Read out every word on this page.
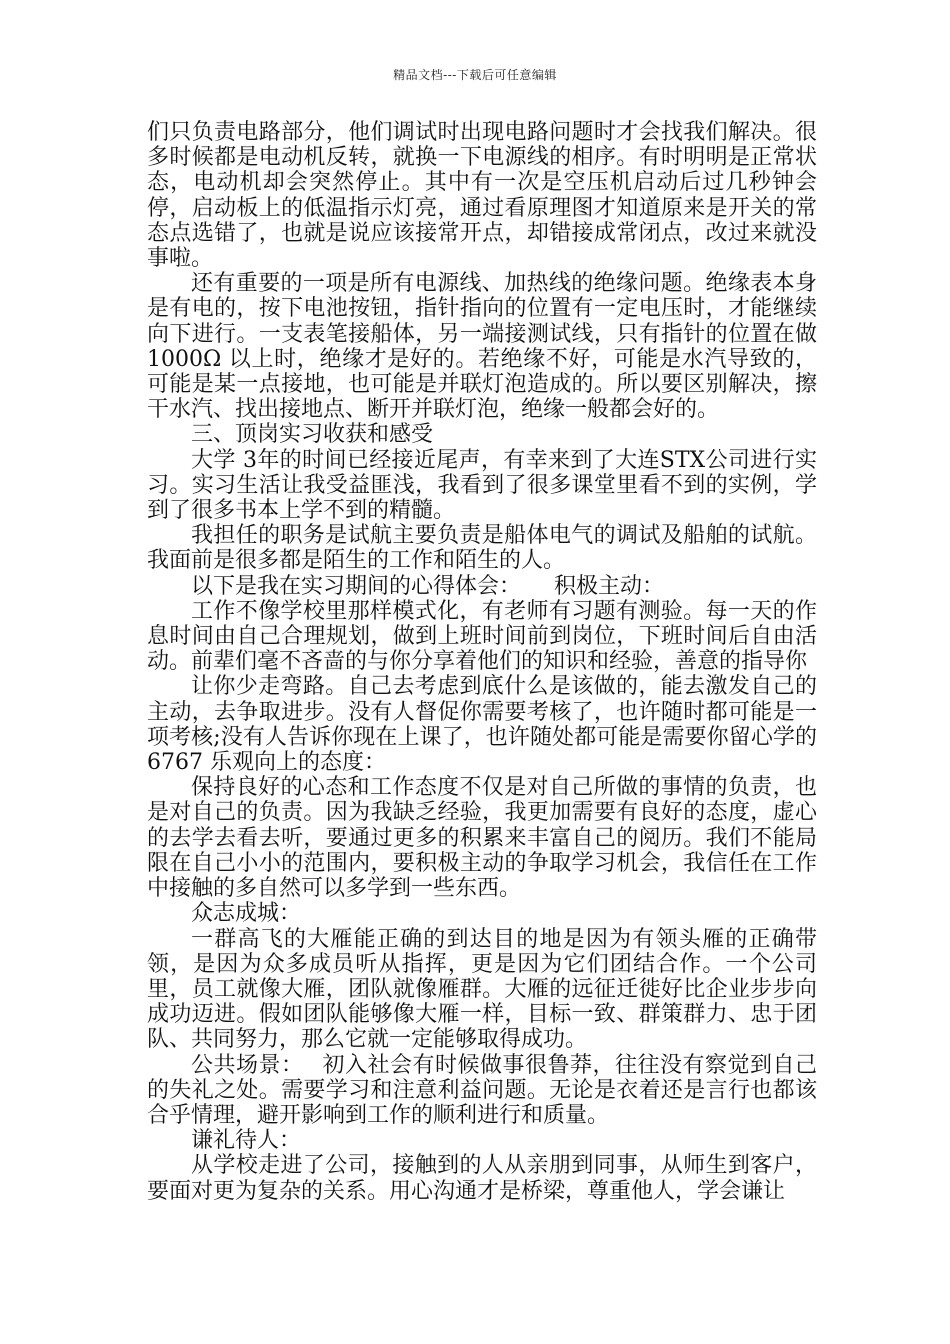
精品文档---下载后可任意编辑

们只负责电路部分，他们调试时出现电路问题时才会找我们解决。很多时候都是电动机反转，就换一下电源线的相序。有时明明是正常状态，电动机却会突然停止。其中有一次是空压机启动后过几秒钟会停，启动板上的低温指示灯亮，通过看原理图才知道原来是开关的常态点选错了，也就是说应该接常开点，却错接成常闭点，改过来就没事啦。

还有重要的一项是所有电源线、加热线的绝缘问题。绝缘表本身是有电的，按下电池按钮，指针指向的位置有一定电压时，才能继续向下进行。一支表笔接船体，另一端接测试线，只有指针的位置在做1000Ω 以上时，绝缘才是好的。若绝缘不好，可能是水汽导致的，可能是某一点接地，也可能是并联灯泡造成的。所以要区别解决，擦干水汽、找出接地点、断开并联灯泡，绝缘一般都会好的。

三、顶岗实习收获和感受

大学 3年的时间已经接近尾声，有幸来到了大连STX公司进行实习。实习生活让我受益匪浅，我看到了很多课堂里看不到的实例，学到了很多书本上学不到的精髓。

我担任的职务是试航主要负责是船体电气的调试及船舶的试航。我面前是很多都是陌生的工作和陌生的人。

以下是我在实习期间的心得体会：　　积极主动：

工作不像学校里那样模式化，有老师有习题有测验。每一天的作息时间由自己合理规划，做到上班时间前到岗位，下班时间后自由活动。前辈们毫不吝啬的与你分享着他们的知识和经验，善意的指导你

让你少走弯路。自己去考虑到底什么是该做的，能去激发自己的主动，去争取进步。没有人督促你需要考核了，也许随时都可能是一项考核;没有人告诉你现在上课了，也许随处都可能是需要你留心学的6767 乐观向上的态度：

保持良好的心态和工作态度不仅是对自己所做的事情的负责，也是对自己的负责。因为我缺乏经验，我更加需要有良好的态度，虚心的去学去看去听，要通过更多的积累来丰富自己的阅历。我们不能局限在自己小小的范围内，要积极主动的争取学习机会，我信任在工作中接触的多自然可以多学到一些东西。

众志成城：

一群高飞的大雁能正确的到达目的地是因为有领头雁的正确带领，是因为众多成员听从指挥，更是因为它们团结合作。一个公司里，员工就像大雁，团队就像雁群。大雁的远征迁徙好比企业步步向成功迈进。假如团队能够像大雁一样，目标一致、群策群力、忠于团队、共同努力，那么它就一定能够取得成功。

公共场景：　 初入社会有时候做事很鲁莽，往往没有察觉到自己的失礼之处。需要学习和注意利益问题。无论是衣着还是言行也都该合乎情理，避开影响到工作的顺利进行和质量。

谦礼待人：

从学校走进了公司，接触到的人从亲朋到同事，从师生到客户，要面对更为复杂的关系。用心沟通才是桥梁，尊重他人，学会谦让
